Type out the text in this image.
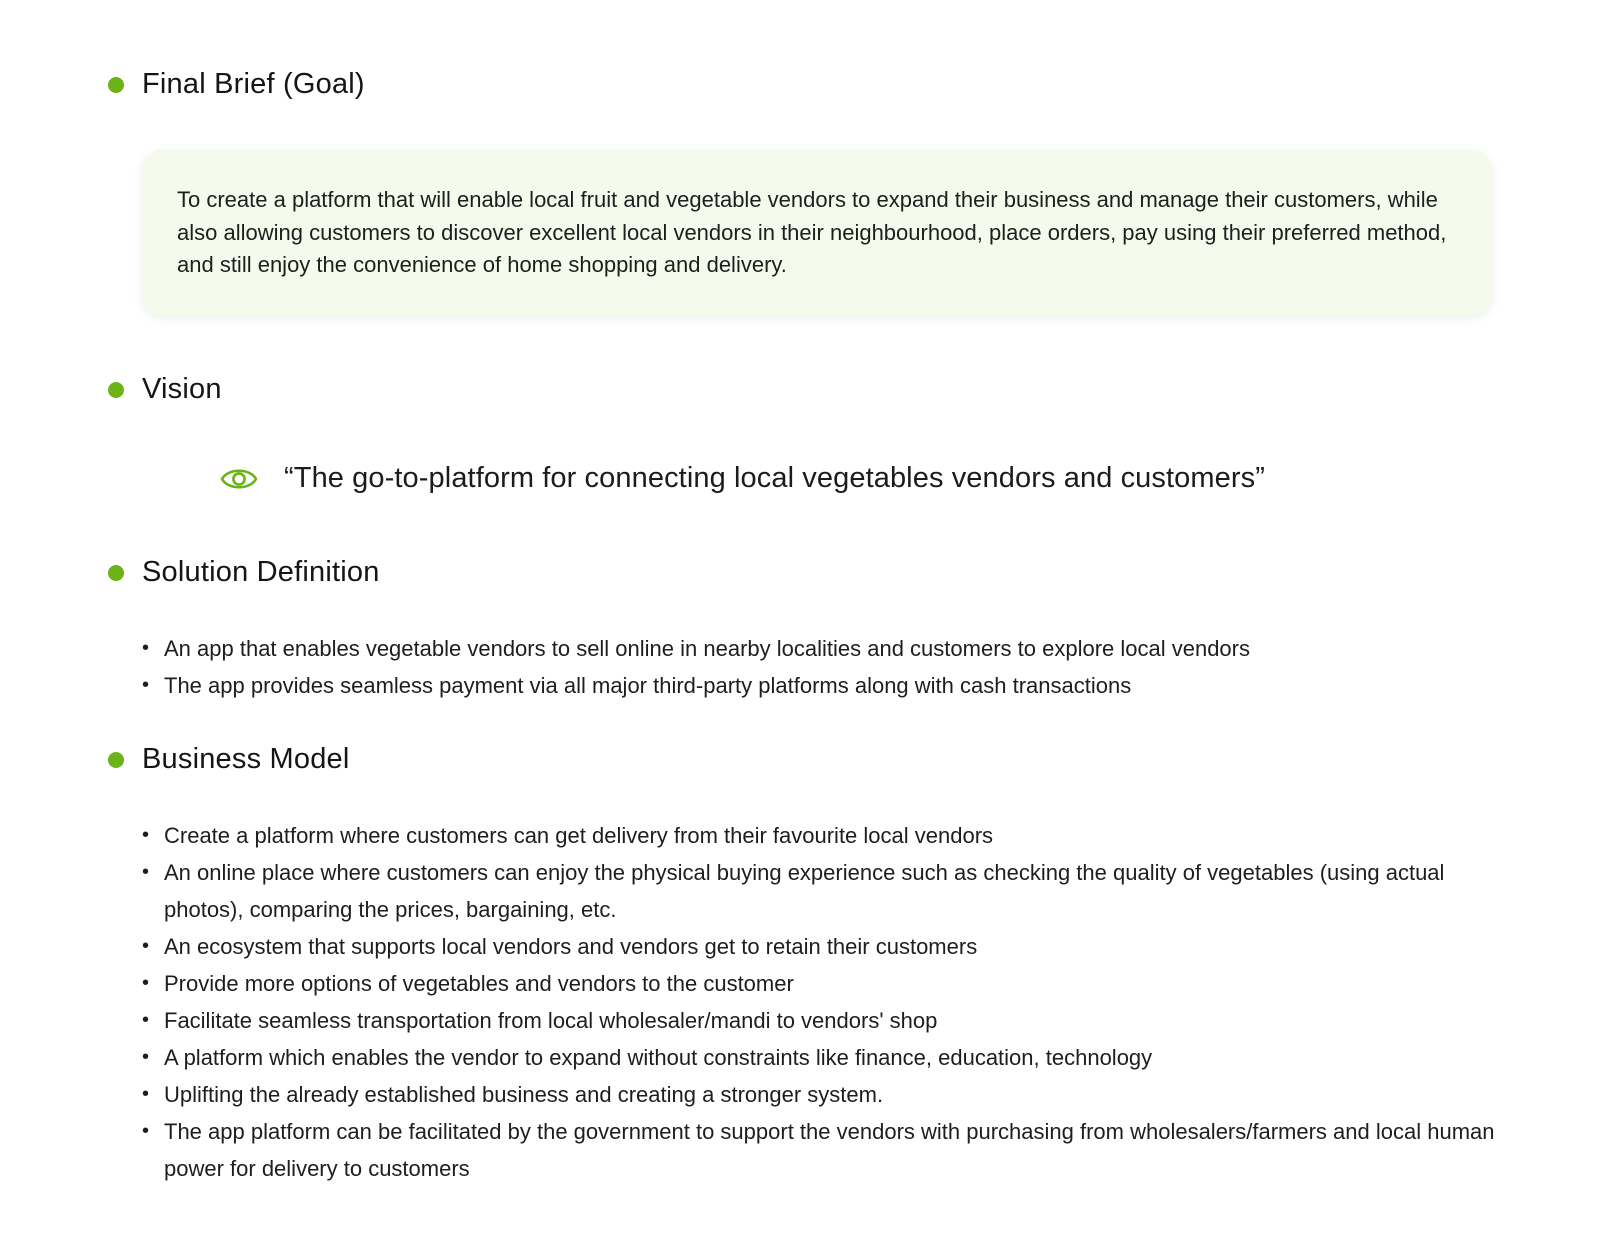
Final Brief (Goal)

To create a platform that will enable local fruit and vegetable vendors to expand their business and manage their customers, while also allowing customers to discover excellent local vendors in their neighbourhood, place orders, pay using their preferred method, and still enjoy the convenience of home shopping and delivery.

Vision
“The go-to-platform for connecting local vegetables vendors and customers”
Solution Definition
• An app that enables vegetable vendors to sell online in nearby localities and customers to explore local vendors
• The app provides seamless payment via all major third-party platforms along with cash transactions
Business Model
• Create a platform where customers can get delivery from their favourite local vendors
• An online place where customers can enjoy the physical buying experience such as checking the quality of vegetables (using actual photos), comparing the prices, bargaining, etc.
• An ecosystem that supports local vendors and vendors get to retain their customers
• Provide more options of vegetables and vendors to the customer
• Facilitate seamless transportation from local wholesaler/mandi to vendors' shop
• A platform which enables the vendor to expand without constraints like finance, education, technology
• Uplifting the already established business and creating a stronger system.
• The app platform can be facilitated by the government to support the vendors with purchasing from wholesalers/farmers and local human power for delivery to customers
